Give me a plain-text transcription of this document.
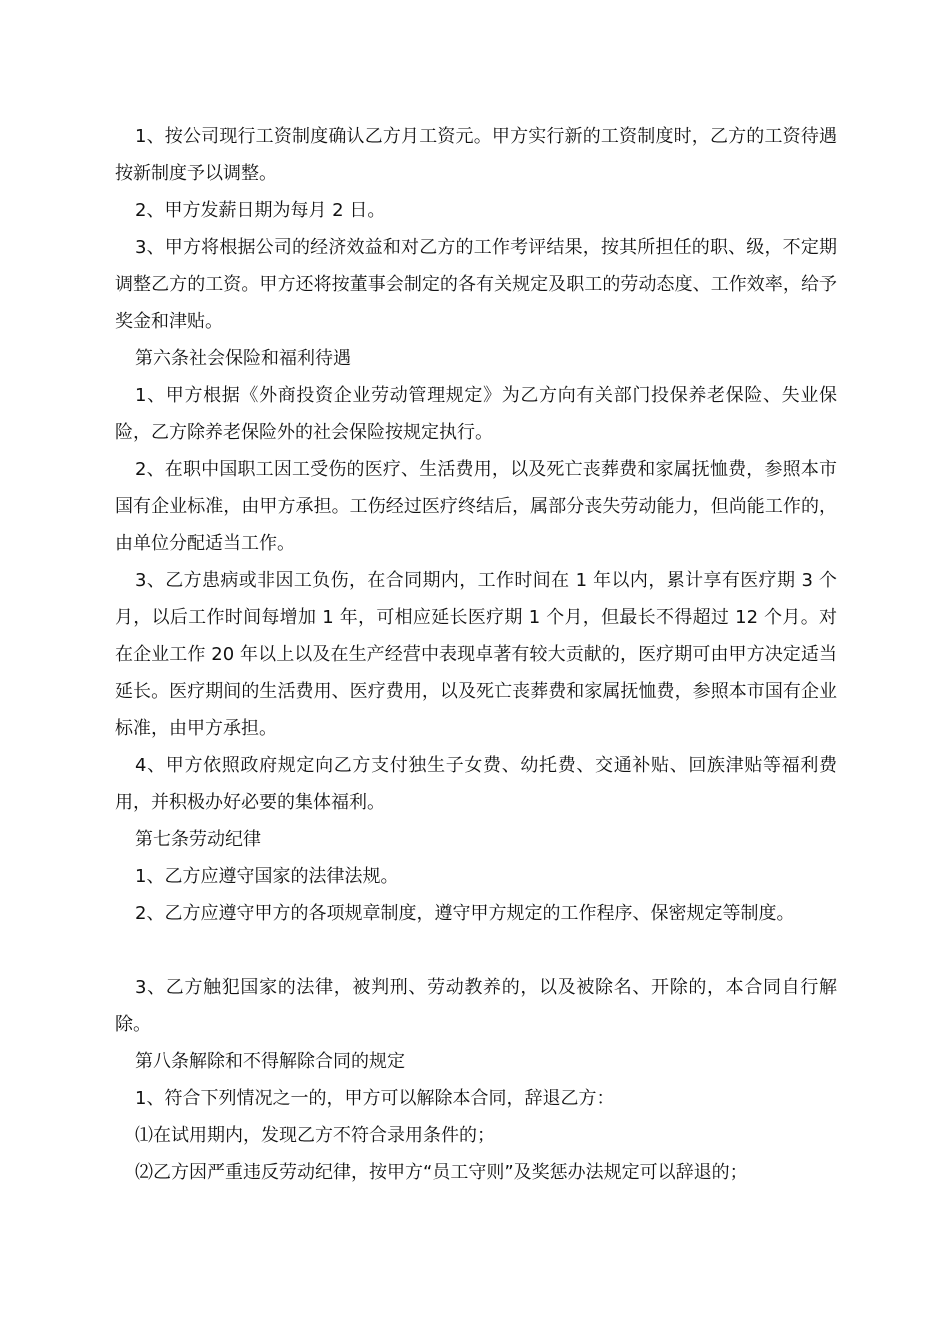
1、按公司现行工资制度确认乙方月工资元。甲方实行新的工资制度时，乙方的工资待遇按新制度予以调整。

2、甲方发薪日期为每月 2 日。

3、甲方将根据公司的经济效益和对乙方的工作考评结果，按其所担任的职、级，不定期调整乙方的工资。甲方还将按董事会制定的各有关规定及职工的劳动态度、工作效率，给予奖金和津贴。

第六条社会保险和福利待遇

1、甲方根据《外商投资企业劳动管理规定》为乙方向有关部门投保养老保险、失业保险，乙方除养老保险外的社会保险按规定执行。

2、在职中国职工因工受伤的医疗、生活费用，以及死亡丧葬费和家属抚恤费，参照本市国有企业标准，由甲方承担。工伤经过医疗终结后，属部分丧失劳动能力，但尚能工作的，由单位分配适当工作。

3、乙方患病或非因工负伤，在合同期内，工作时间在 1 年以内，累计享有医疗期 3 个月，以后工作时间每增加 1 年，可相应延长医疗期 1 个月，但最长不得超过 12 个月。对在企业工作 20 年以上以及在生产经营中表现卓著有较大贡献的，医疗期可由甲方决定适当延长。医疗期间的生活费用、医疗费用，以及死亡丧葬费和家属抚恤费，参照本市国有企业标准，由甲方承担。

4、甲方依照政府规定向乙方支付独生子女费、幼托费、交通补贴、回族津贴等福利费用，并积极办好必要的集体福利。

第七条劳动纪律

1、乙方应遵守国家的法律法规。

2、乙方应遵守甲方的各项规章制度，遵守甲方规定的工作程序、保密规定等制度。

3、乙方触犯国家的法律，被判刑、劳动教养的，以及被除名、开除的，本合同自行解除。

第八条解除和不得解除合同的规定

1、符合下列情况之一的，甲方可以解除本合同，辞退乙方：

⑴在试用期内，发现乙方不符合录用条件的；

⑵乙方因严重违反劳动纪律，按甲方“员工守则”及奖惩办法规定可以辞退的；
